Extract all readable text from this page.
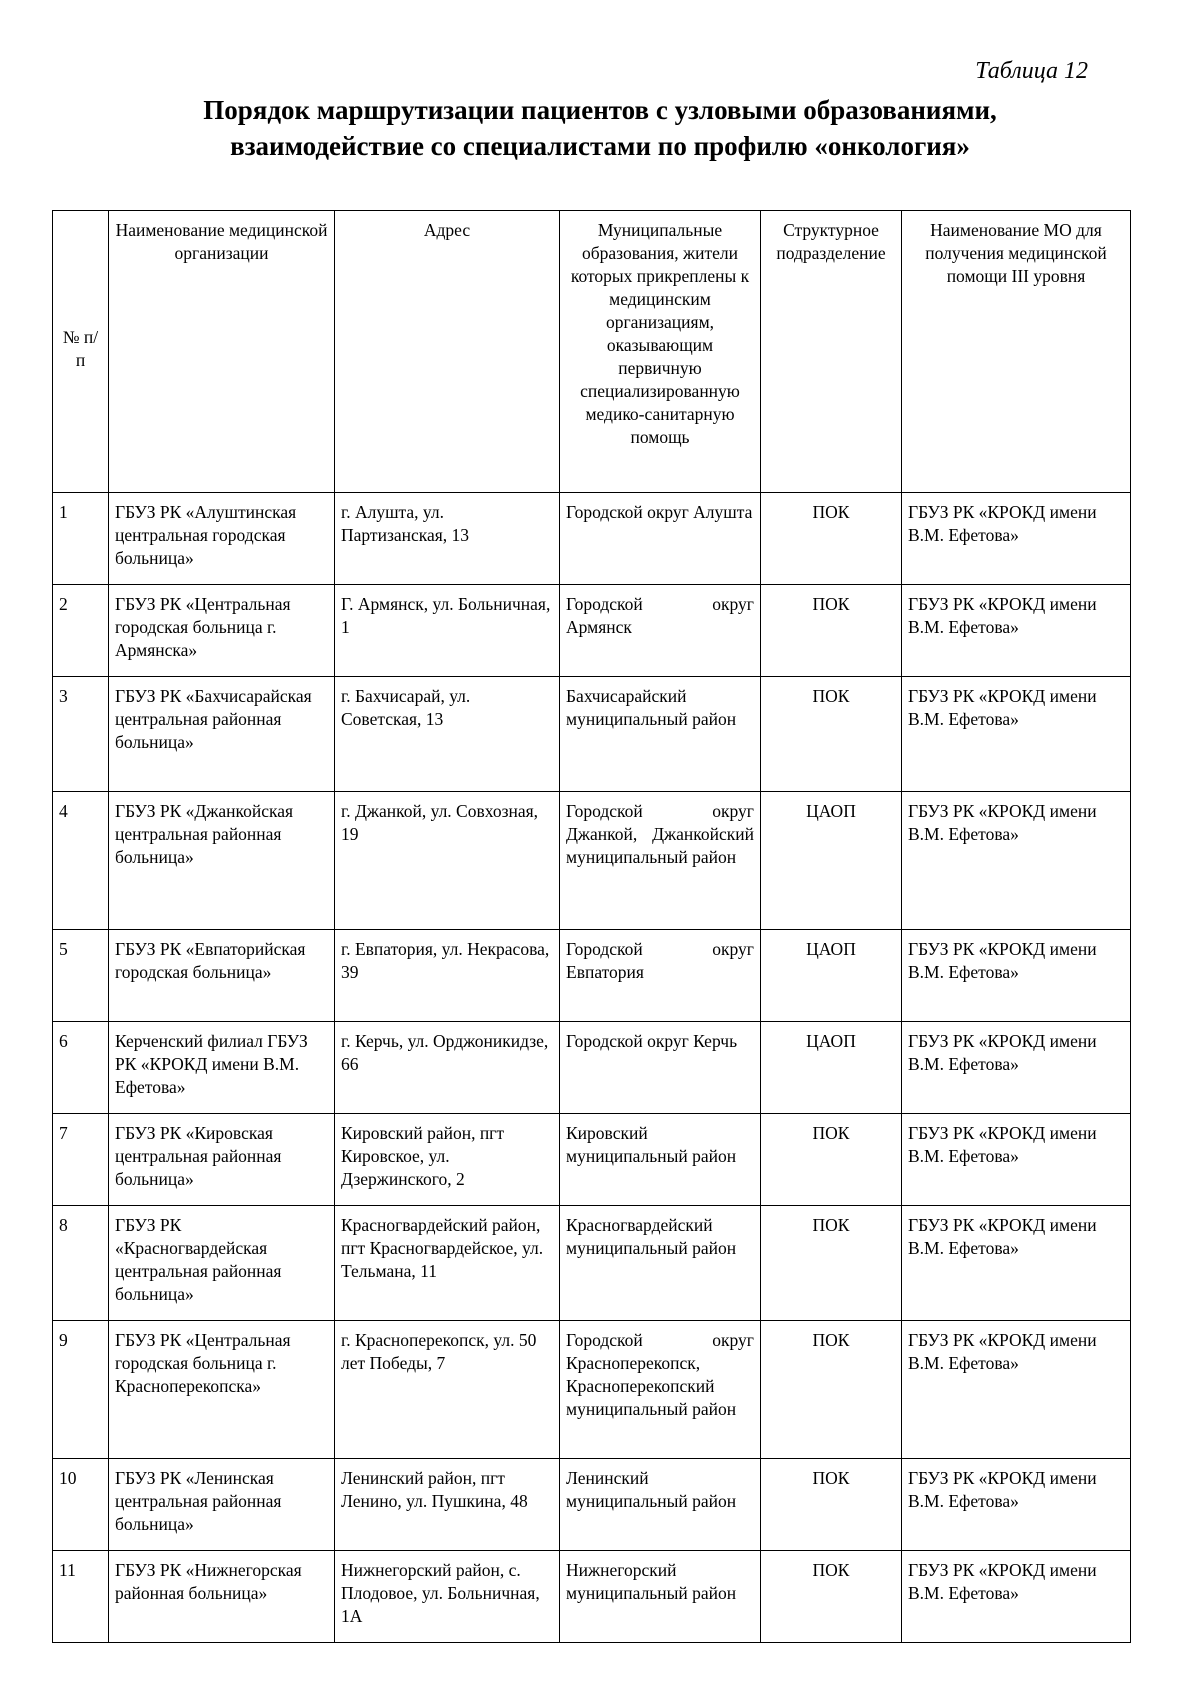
Таблица 12
Порядок маршрутизации пациентов с узловыми образованиями,
взаимодействие со специалистами по профилю «онкология»
№ п/п	Наименование медицинской организации	Адрес	Муниципальные образования, жители которых прикреплены к медицинским организациям, оказывающим первичную специализированную медико-санитарную помощь	Структурное подразделение	Наименование МО для получения медицинской помощи III уровня
1	ГБУЗ РК «Алуштинская центральная городская больница»	г. Алушта, ул. Партизанская, 13	Городской округ Алушта	ПОК	ГБУЗ РК «КРОКД имени В.М. Ефетова»
2	ГБУЗ РК «Центральная городская больница г. Армянска»	Г. Армянск, ул. Больничная, 1	Городской округ Армянск	ПОК	ГБУЗ РК «КРОКД имени В.М. Ефетова»
3	ГБУЗ РК «Бахчисарайская центральная районная больница»	г. Бахчисарай, ул. Советская, 13	Бахчисарайский муниципальный район	ПОК	ГБУЗ РК «КРОКД имени В.М. Ефетова»
4	ГБУЗ РК «Джанкойская центральная районная больница»	г. Джанкой, ул. Совхозная, 19	Городской округ Джанкой, Джанкойский муниципальный район	ЦАОП	ГБУЗ РК «КРОКД имени В.М. Ефетова»
5	ГБУЗ РК «Евпаторийская городская больница»	г. Евпатория, ул. Некрасова, 39	Городской округ Евпатория	ЦАОП	ГБУЗ РК «КРОКД имени В.М. Ефетова»
6	Керченский филиал ГБУЗ РК «КРОКД имени В.М. Ефетова»	г. Керчь, ул. Орджоникидзе, 66	Городской округ Керчь	ЦАОП	ГБУЗ РК «КРОКД имени В.М. Ефетова»
7	ГБУЗ РК «Кировская центральная районная больница»	Кировский район, пгт Кировское, ул. Дзержинского, 2	Кировский муниципальный район	ПОК	ГБУЗ РК «КРОКД имени В.М. Ефетова»
8	ГБУЗ РК «Красногвардейская центральная районная больница»	Красногвардейский район, пгт Красногвардейское, ул. Тельмана, 11	Красногвардейский муниципальный район	ПОК	ГБУЗ РК «КРОКД имени В.М. Ефетова»
9	ГБУЗ РК «Центральная городская больница г. Красноперекопска»	г. Красноперекопск, ул. 50 лет Победы, 7	Городской округ Красноперекопск, Красноперекопский муниципальный район	ПОК	ГБУЗ РК «КРОКД имени В.М. Ефетова»
10	ГБУЗ РК «Ленинская центральная районная больница»	Ленинский район, пгт Ленино, ул. Пушкина, 48	Ленинский муниципальный район	ПОК	ГБУЗ РК «КРОКД имени В.М. Ефетова»
11	ГБУЗ РК «Нижнегорская районная больница»	Нижнегорский район, с. Плодовое, ул. Больничная, 1А	Нижнегорский муниципальный район	ПОК	ГБУЗ РК «КРОКД имени В.М. Ефетова»
